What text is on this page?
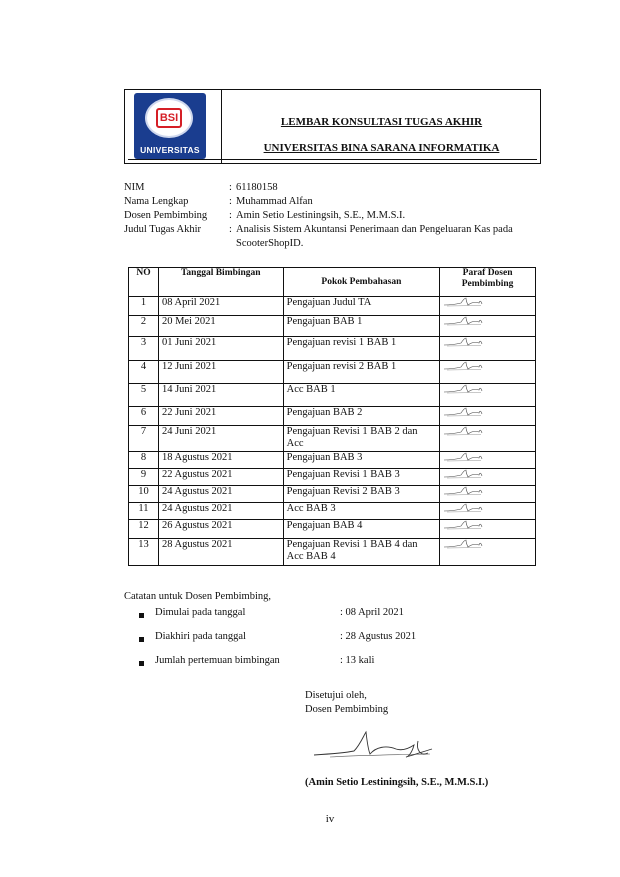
BSI
UNIVERSITAS
LEMBAR KONSULTASI TUGAS AKHIR
UNIVERSITAS BINA SARANA INFORMATIKA
NIM	: 61180158
Nama Lengkap	: Muhammad Alfan
Dosen Pembimbing : Amin Setio Lestiningsih, S.E., M.M.S.I.
Judul Tugas Akhir	: Analisis Sistem Akuntansi Penerimaan dan Pengeluaran Kas pada ScooterShopID.
NO	Tanggal Bimbingan	Pokok Pembahasan	Paraf Dosen Pembimbing
1	08 April 2021	Pengajuan Judul TA	
2	20 Mei 2021	Pengajuan BAB 1	
3	01 Juni 2021	Pengajuan revisi 1 BAB 1	
4	12 Juni 2021	Pengajuan revisi 2 BAB 1	
5	14 Juni 2021	Acc BAB 1	
6	22 Juni 2021	Pengajuan BAB 2	
7	24 Juni 2021	Pengajuan Revisi 1 BAB 2 dan Acc	
8	18 Agustus 2021	Pengajuan BAB 3	
9	22 Agustus 2021	Pengajuan Revisi 1 BAB 3	
10	24 Agustus 2021	Pengajuan Revisi 2 BAB 3	
11	24 Agustus 2021	Acc BAB 3	
12	26 Agustus 2021	Pengajuan BAB 4	
13	28 Agustus 2021	Pengajuan Revisi 1 BAB 4 dan Acc BAB 4	
Catatan untuk Dosen Pembimbing,
Dimulai pada tanggal	: 08 April 2021
Diakhiri pada tanggal	: 28 Agustus 2021
Jumlah pertemuan bimbingan	: 13 kali
Disetujui oleh,
Dosen Pembimbing
(Amin Setio Lestiningsih, S.E., M.M.S.I.)
iv
